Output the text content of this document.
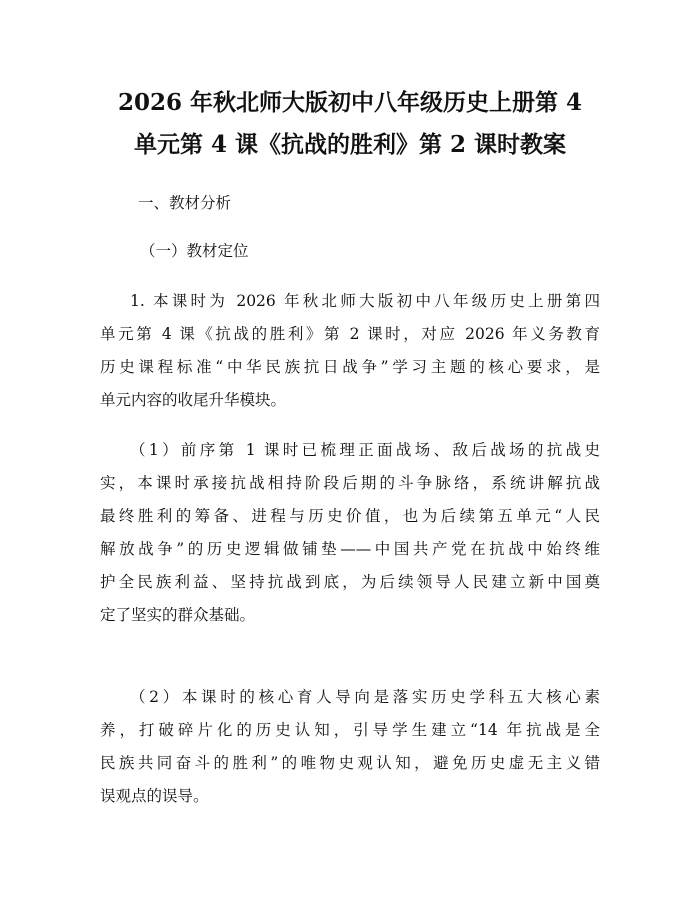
2026 年秋北师大版初中八年级历史上册第 4
单元第 4 课《抗战的胜利》第 2 课时教案
一、教材分析
（一）教材定位
1. 本课时为 2026 年秋北师大版初中八年级历史上册第四
单元第 4 课《抗战的胜利》第 2 课时，对应 2026 年义务教育
历史课程标准“中华民族抗日战争”学习主题的核心要求，是
单元内容的收尾升华模块。
（1）前序第 1 课时已梳理正面战场、敌后战场的抗战史
实，本课时承接抗战相持阶段后期的斗争脉络，系统讲解抗战
最终胜利的筹备、进程与历史价值，也为后续第五单元“人民
解放战争”的历史逻辑做铺垫——中国共产党在抗战中始终维
护全民族利益、坚持抗战到底，为后续领导人民建立新中国奠
定了坚实的群众基础。
（2）本课时的核心育人导向是落实历史学科五大核心素
养，打破碎片化的历史认知，引导学生建立“14 年抗战是全
民族共同奋斗的胜利”的唯物史观认知，避免历史虚无主义错
误观点的误导。
